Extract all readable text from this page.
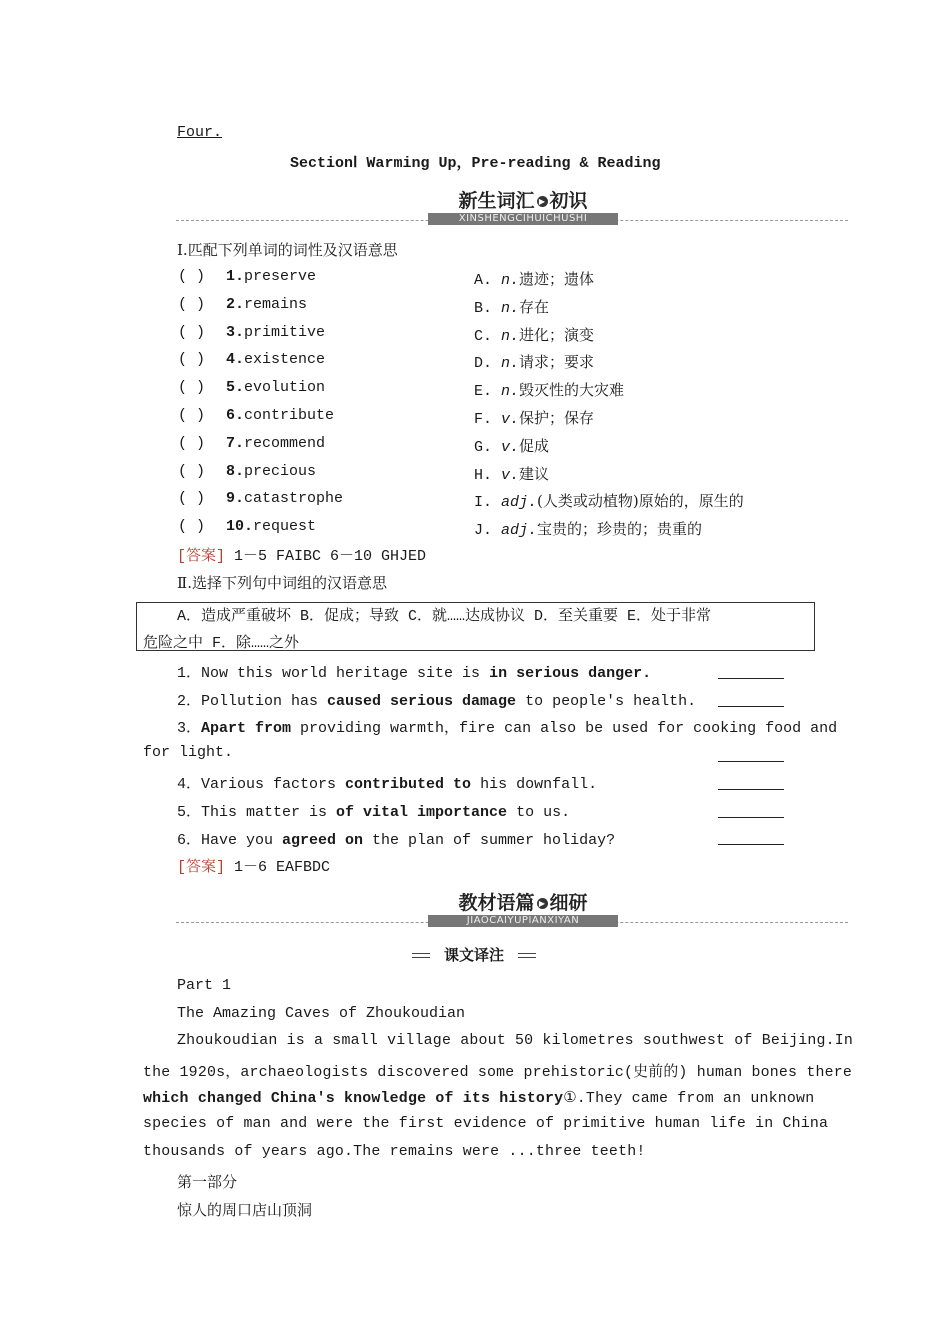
Four.
SectionⅠ Warming Up，Pre-reading & Reading
新生词汇 ▶ 初识
XINSHENGCIHUICHUSHI
Ⅰ.匹配下列单词的词性及汉语意思
( ) 1.preserve	A. n.遗迹；遗体
( ) 2.remains	B. n.存在
( ) 3.primitive	C. n.进化；演变
( ) 4.existence	D. n.请求；要求
( ) 5.evolution	E. n.毁灭性的大灾难
( ) 6.contribute	F. v.保护；保存
( ) 7.recommend	G. v.促成
( ) 8.precious	H. v.建议
( ) 9.catastrophe	I. adj.(人类或动植物)原始的，原生的
( ) 10.request	J. adj.宝贵的；珍贵的；贵重的
[答案] 1－5 FAIBC 6－10 GHJED
Ⅱ.选择下列句中词组的汉语意思
A．造成严重破坏 B．促成；导致 C．就……达成协议 D．至关重要 E．处于非常
危险之中 F．除……之外
1．Now this world heritage site is in serious danger.
2．Pollution has caused serious damage to people's health.
3．Apart from providing warmth，fire can also be used for cooking food and
for light.
4．Various factors contributed to his downfall.
5．This matter is of vital importance to us.
6．Have you agreed on the plan of summer holiday?
[答案] 1－6 EAFBDC
教材语篇 ▶ 细研
JIAOCAIYUPIANXIYAN
课文译注
Part 1
The Amazing Caves of Zhoukoudian
Zhoukoudian is a small village about 50 kilometres southwest of Beijing.In
the 1920s，archaeologists discovered some prehistoric(史前的) human bones there
which changed China's knowledge of its history①.They came from an unknown
species of man and were the first evidence of primitive human life in China
thousands of years ago.The remains were ...three teeth!
第一部分
惊人的周口店山顶洞
